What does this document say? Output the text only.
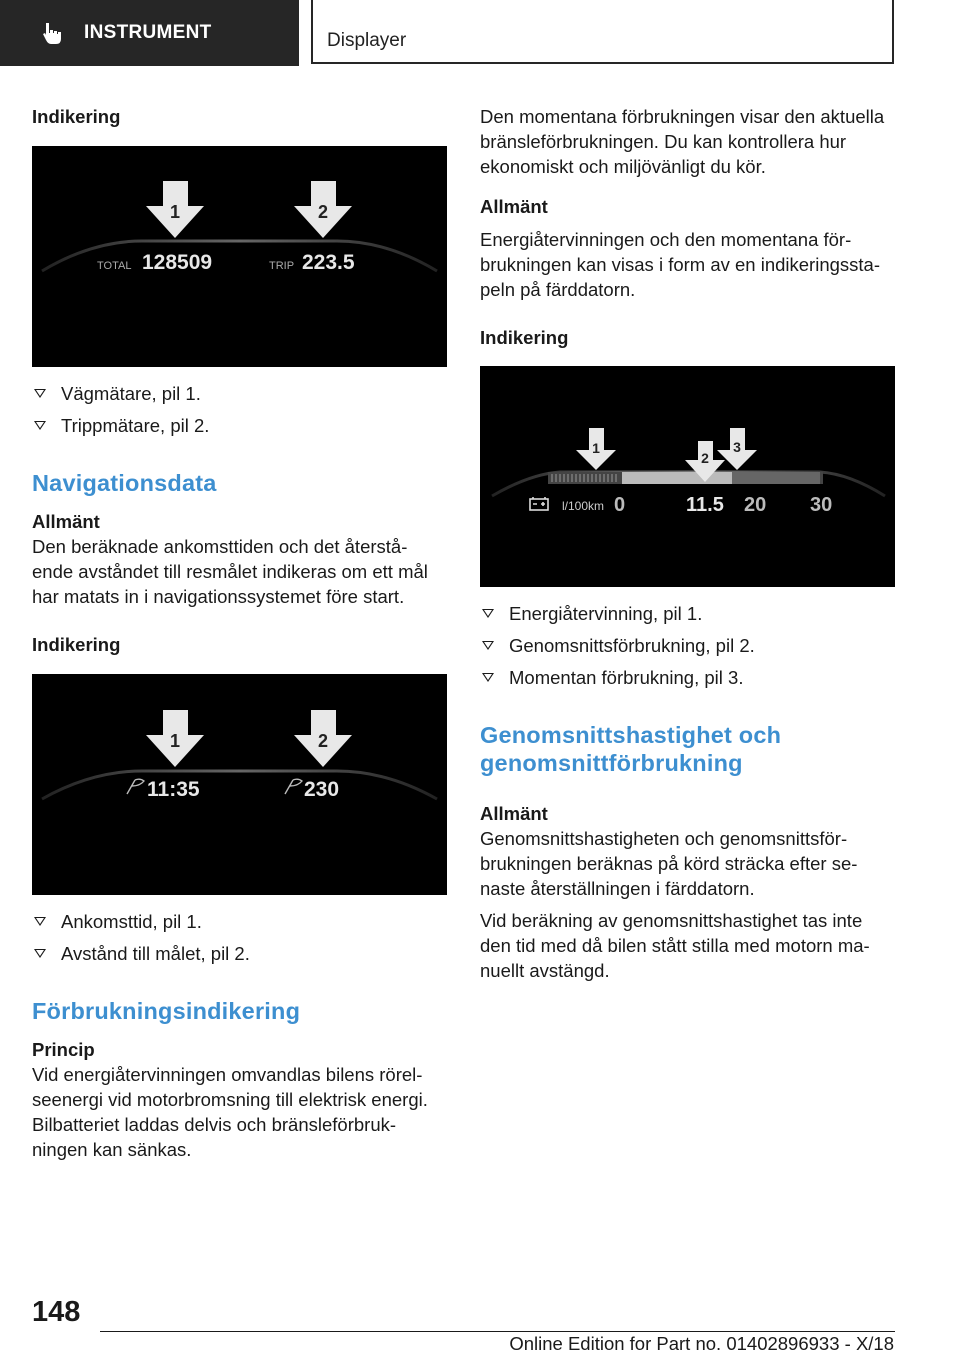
INSTRUMENT	Displayer
Indikering
1	2
TOTAL 128509	TRIP 223.5
Vägmätare, pil 1.
Trippmätare, pil 2.
Navigationsdata
Allmänt

Den beräknade ankomsttiden och det återstå-
ende avståndet till resmålet indikeras om ett mål
har matats in i navigationssystemet före start.

Indikering
1	2
11:35	230
Ankomsttid, pil 1.
Avstånd till målet, pil 2.
Förbrukningsindikering
Princip

Vid energiåtervinningen omvandlas bilens rörel-
seenergi vid motorbromsning till elektrisk energi.
Bilbatteriet laddas delvis och bränsleförbruk-
ningen kan sänkas.

Den momentana förbrukningen visar den aktuella
bränsleförbrukningen. Du kan kontrollera hur
ekonomiskt och miljövänligt du kör.

Allmänt

Energiåtervinningen och den momentana för-
brukningen kan visas i form av en indikeringssta-
peln på färddatorn.

Indikering
1
2
3
l/100km 0	11.5 20 30
Energiåtervinning, pil 1.
Genomsnittsförbrukning, pil 2.
Momentan förbrukning, pil 3.
Genomsnittshastighet och
genomsnittförbrukning
Allmänt

Genomsnittshastigheten och genomsnittsför-
brukningen beräknas på körd sträcka efter se-
naste återställningen i färddatorn.

Vid beräkning av genomsnittshastighet tas inte
den tid med då bilen stått stilla med motorn ma-
nuellt avstängd.

148
Online Edition for Part no. 01402896933 - X/18
